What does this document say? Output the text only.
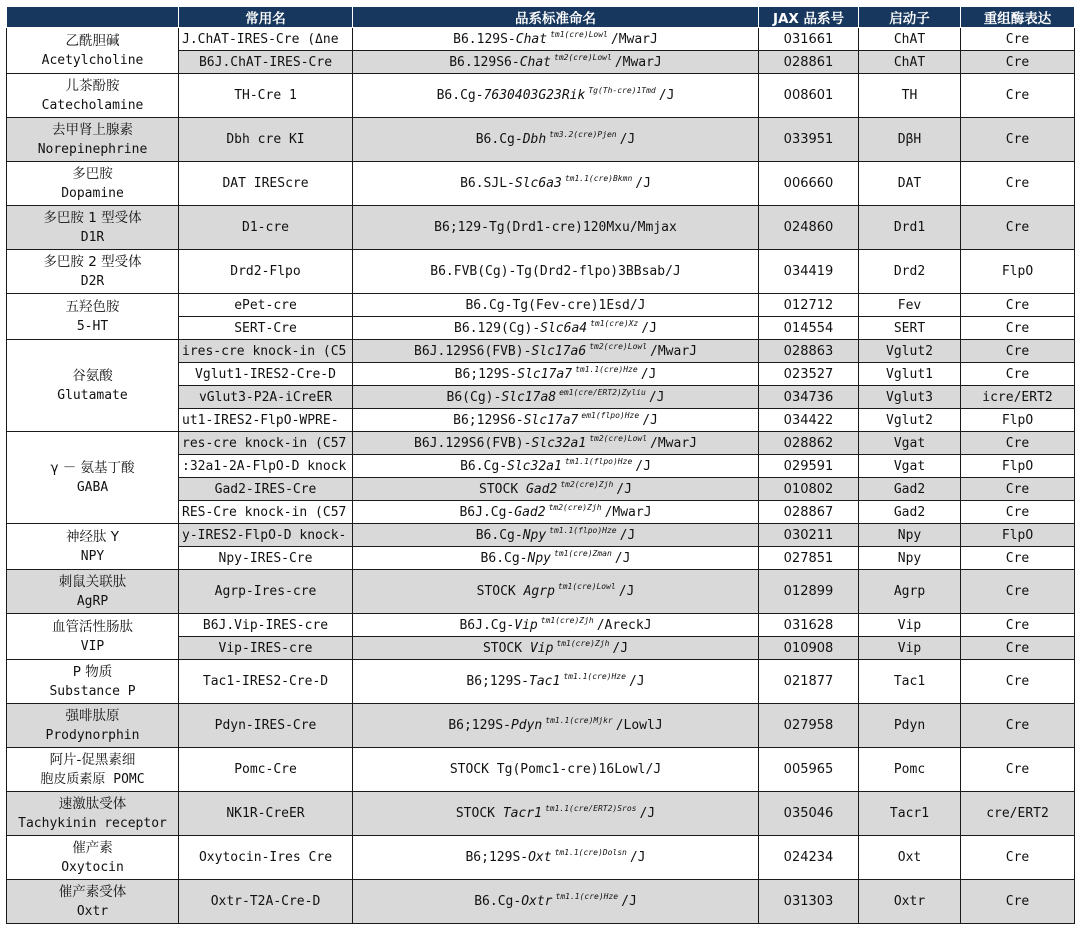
	常用名	品系标准命名	JAX 品系号	启动子	重组酶表达

乙酰胆碱
Acetylcholine	J.ChAT-IRES-Cre (Δne	B6.129S-Chat $^{tm1(cre)Lowl}$ /MwarJ	031661	ChAT	Cre
	B6J.ChAT-IRES-Cre	B6.129S6-Chat $^{tm2(cre)Lowl}$ /MwarJ	028861	ChAT	Cre

儿茶酚胺
Catecholamine	TH-Cre 1	B6.Cg-7630403G23Rik $^{Tg(Th-cre)1Tmd}$ /J	008601	TH	Cre

去甲肾上腺素
Norepinephrine	Dbh cre KI	B6.Cg-Dbh $^{tm3.2(cre)Pjen}$ /J	033951	DβH	Cre

多巴胺
Dopamine	DAT IREScre	B6.SJL-Slc6a3 $^{tm1.1(cre)Bkmn}$ /J	006660	DAT	Cre

多巴胺 1 型受体
D1R	D1-cre	B6;129-Tg(Drd1-cre)120Mxu/Mmjax	024860	Drd1	Cre

多巴胺 2 型受体
D2R	Drd2-Flpo	B6.FVB(Cg)-Tg(Drd2-flpo)3BBsab/J	034419	Drd2	FlpO

五羟色胺
5-HT	ePet-cre	B6.Cg-Tg(Fev-cre)1Esd/J	012712	Fev	Cre
	SERT-Cre	B6.129(Cg)-Slc6a4 $^{tm1(cre)Xz}$ /J	014554	SERT	Cre

谷氨酸
Glutamate	ires-cre knock-in (C5	B6J.129S6(FVB)-Slc17a6 $^{tm2(cre)Lowl}$ /MwarJ	028863	Vglut2	Cre
	Vglut1-IRES2-Cre-D	B6;129S-Slc17a7 $^{tm1.1(cre)Hze}$ /J	023527	Vglut1	Cre
	vGlut3-P2A-iCreER	B6(Cg)-Slc17a8 $^{em1(cre/ERT2)Zyliu}$ /J	034736	Vglut3	icre/ERT2
	ut1-IRES2-FlpO-WPRE-	B6;129S6-Slc17a7 $^{em1(flpo)Hze}$ /J	034422	Vglut2	FlpO

γ － 氨基丁酸
GABA	res-cre knock-in (C57	B6J.129S6(FVB)-Slc32a1 $^{tm2(cre)Lowl}$ /MwarJ	028862	Vgat	Cre
	:32a1-2A-FlpO-D knock	B6.Cg-Slc32a1 $^{tm1.1(flpo)Hze}$ /J	029591	Vgat	FlpO
	Gad2-IRES-Cre	STOCK Gad2 $^{tm2(cre)Zjh}$ /J	010802	Gad2	Cre
	RES-Cre knock-in (C57	B6J.Cg-Gad2 $^{tm2(cre)Zjh}$ /MwarJ	028867	Gad2	Cre

神经肽 Y
NPY	y-IRES2-FlpO-D knock-	B6.Cg-Npy $^{tm1.1(flpo)Hze}$ /J	030211	Npy	FlpO
	Npy-IRES-Cre	B6.Cg-Npy $^{tm1(cre)Zman}$ /J	027851	Npy	Cre

刺鼠关联肽
AgRP	Agrp-Ires-cre	STOCK Agrp $^{tm1(cre)Lowl}$ /J	012899	Agrp	Cre

血管活性肠肽
VIP	B6J.Vip-IRES-cre	B6J.Cg-Vip $^{tm1(cre)Zjh}$ /AreckJ	031628	Vip	Cre
	Vip-IRES-cre	STOCK Vip $^{tm1(cre)Zjh}$ /J	010908	Vip	Cre

P 物质
Substance P	Tac1-IRES2-Cre-D	B6;129S-Tac1 $^{tm1.1(cre)Hze}$ /J	021877	Tac1	Cre

强啡肽原
Prodynorphin	Pdyn-IRES-Cre	B6;129S-Pdyn $^{tm1.1(cre)Mjkr}$ /LowlJ	027958	Pdyn	Cre

阿片-促黑素细
胞皮质素原 POMC	Pomc-Cre	STOCK Tg(Pomc1-cre)16Lowl/J	005965	Pomc	Cre

速激肽受体
Tachykinin receptor	NK1R-CreER	STOCK Tacr1 $^{tm1.1(cre/ERT2)Sros}$ /J	035046	Tacr1	cre/ERT2

催产素
Oxytocin	Oxytocin-Ires Cre	B6;129S-Oxt $^{tm1.1(cre)Dolsn}$ /J	024234	Oxt	Cre

催产素受体
Oxtr	Oxtr-T2A-Cre-D	B6.Cg-Oxtr $^{tm1.1(cre)Hze}$ /J	031303	Oxtr	Cre
